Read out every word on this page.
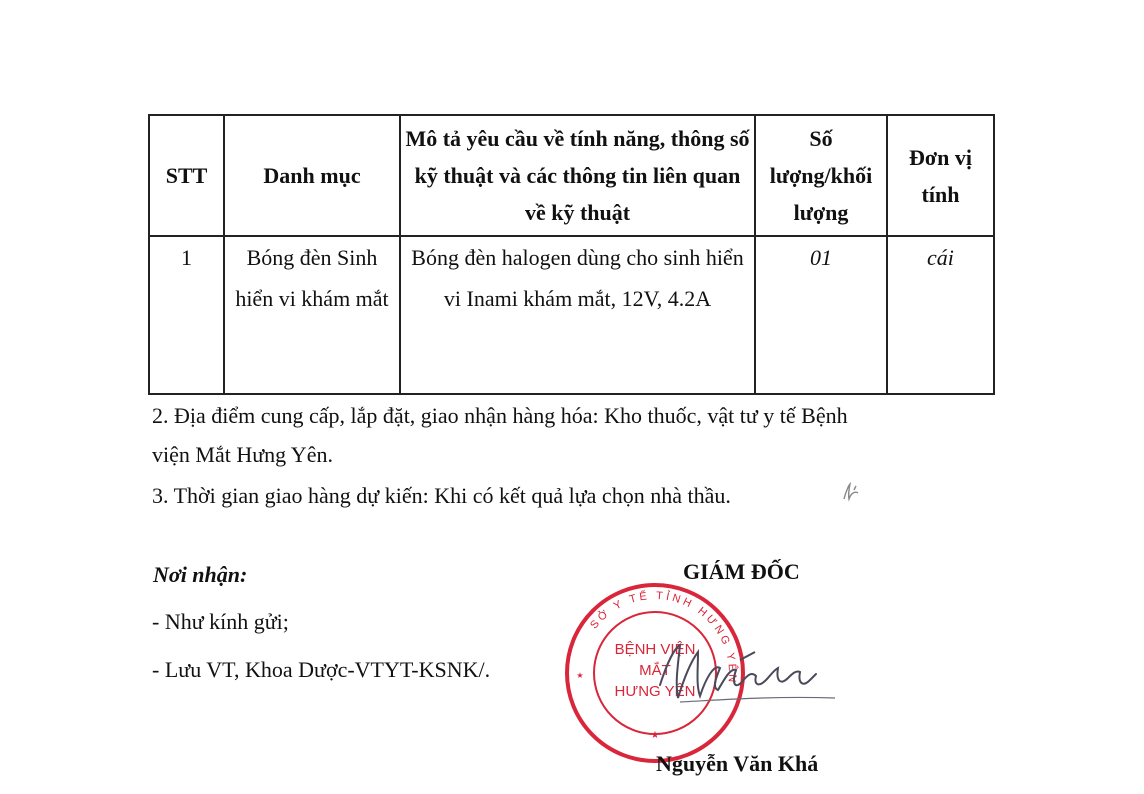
STT	Danh mục	Mô tả yêu cầu về tính năng, thông số kỹ thuật và các thông tin liên quan về kỹ thuật	Số lượng/khối lượng	Đơn vị tính
1	Bóng đèn Sinh hiển vi khám mắt	Bóng đèn halogen dùng cho sinh hiển vi Inami khám mắt, 12V, 4.2A	01	cái
2. Địa điểm cung cấp, lắp đặt, giao nhận hàng hóa: Kho thuốc, vật tư y tế Bệnh
viện Mắt Hưng Yên.
3. Thời gian giao hàng dự kiến: Khi có kết quả lựa chọn nhà thầu.
Nơi nhận:
- Như kính gửi;
- Lưu VT, Khoa Dược-VTYT-KSNK/.
GIÁM ĐỐC
SỞ Y TẾ TỈNH HƯNG YÊN
BỆNH VIỆN
MẮT
HƯNG YÊN
★
★
Nguyễn Văn Khá
